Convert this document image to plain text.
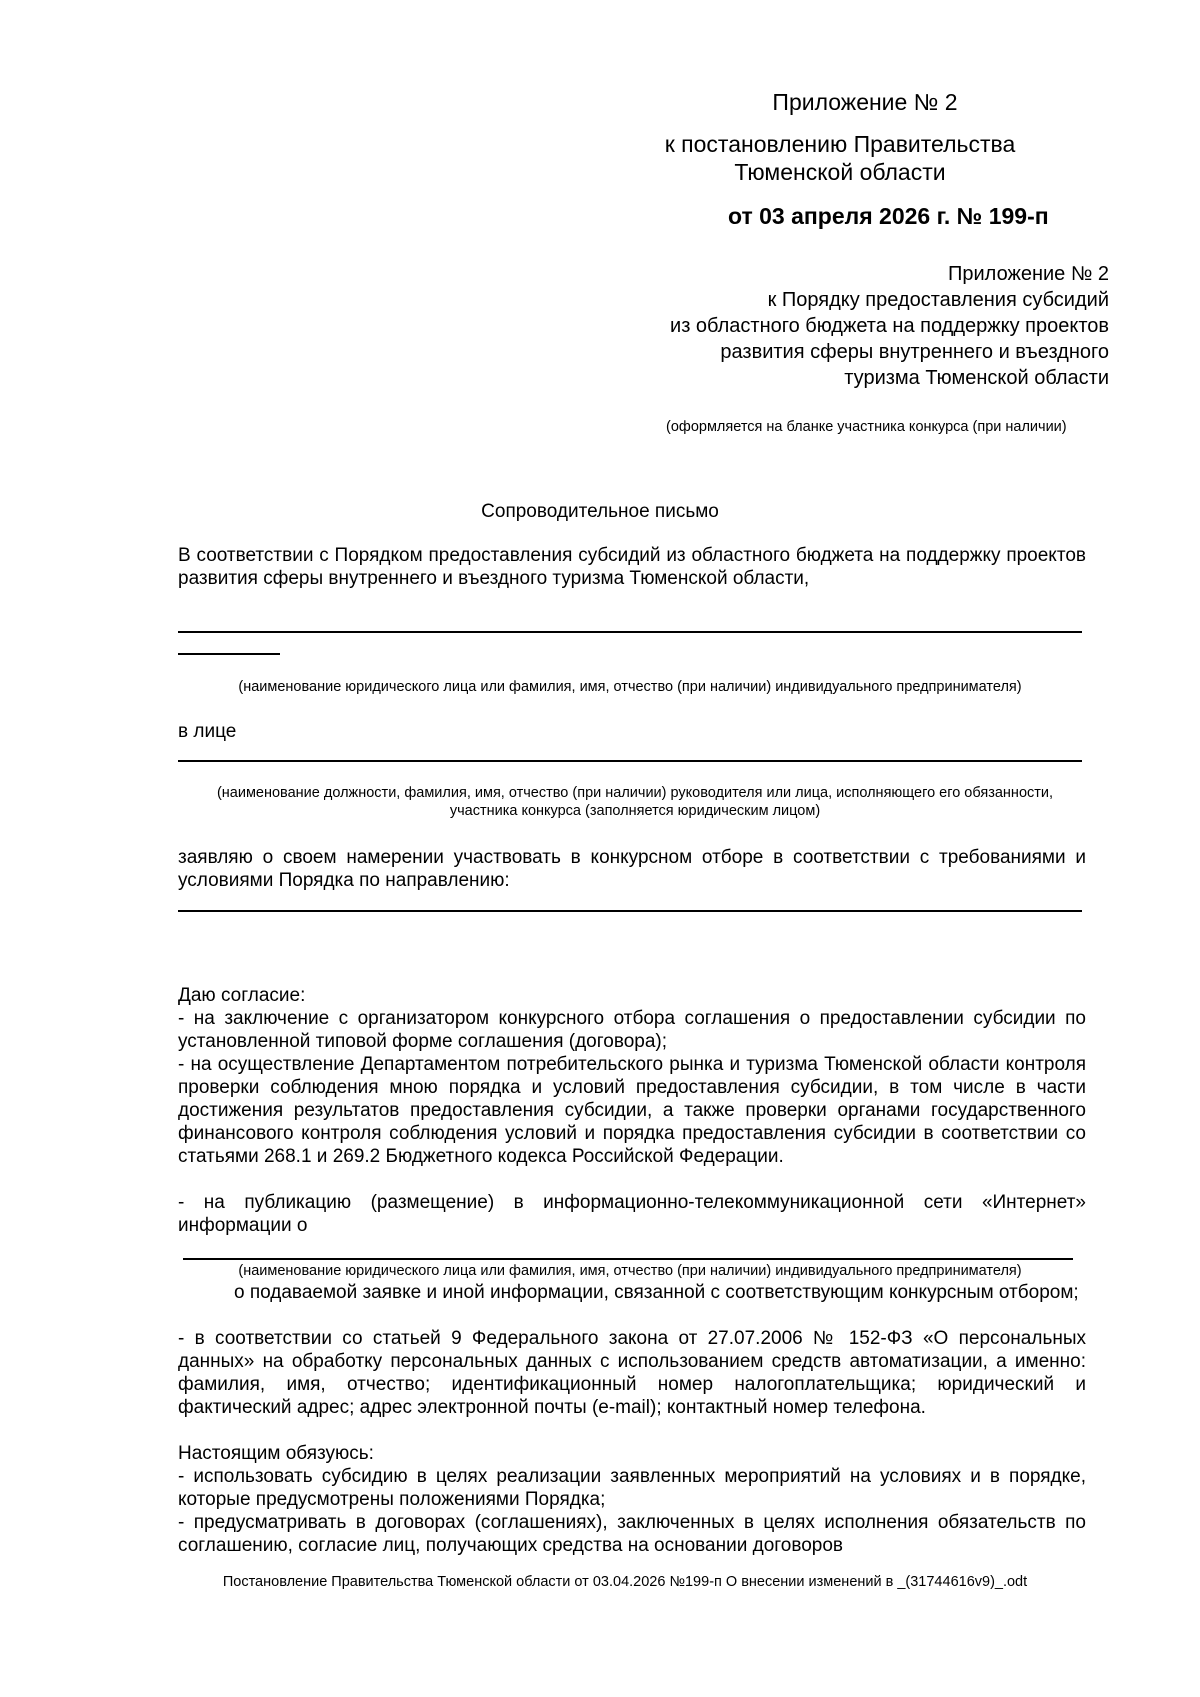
Приложение № 2
к постановлению Правительства
Тюменской области
от 03 апреля 2026 г. № 199-п
Приложение № 2
к Порядку предоставления субсидий
из областного бюджета на поддержку проектов
развития сферы внутреннего и въездного
туризма Тюменской области
(оформляется на бланке участника конкурса (при наличии)
Сопроводительное письмо
В соответствии с Порядком предоставления субсидий из областного бюджета на поддержку проектов развития сферы внутреннего и въездного туризма Тюменской области,
(наименование юридического лица или фамилия, имя, отчество (при наличии) индивидуального предпринимателя)
в лице
(наименование должности, фамилия, имя, отчество (при наличии) руководителя или лица, исполняющего его обязанности, участника конкурса (заполняется юридическим лицом)
заявляю о своем намерении участвовать в конкурсном отборе в соответствии с требованиями и условиями Порядка по направлению:
Даю согласие:
- на заключение с организатором конкурсного отбора соглашения о предоставлении субсидии по установленной типовой форме соглашения (договора);
- на осуществление Департаментом потребительского рынка и туризма Тюменской области контроля проверки соблюдения мною порядка и условий предоставления субсидии, в том числе в части достижения результатов предоставления субсидии, а также проверки органами государственного финансового контроля соблюдения условий и порядка предоставления субсидии в соответствии со статьями 268.1 и 269.2 Бюджетного кодекса Российской Федерации.
- на публикацию (размещение) в информационно-телекоммуникационной сети «Интернет» информации о
(наименование юридического лица или фамилия, имя, отчество (при наличии) индивидуального предпринимателя)
о подаваемой заявке и иной информации, связанной с соответствующим конкурсным отбором;
- в соответствии со статьей 9 Федерального закона от 27.07.2006 № 152-ФЗ «О персональных данных» на обработку персональных данных с использованием средств автоматизации, а именно: фамилия, имя, отчество; идентификационный номер налогоплательщика; юридический и фактический адрес; адрес электронной почты (e-mail); контактный номер телефона.
Настоящим обязуюсь:
- использовать субсидию в целях реализации заявленных мероприятий на условиях и в порядке, которые предусмотрены положениями Порядка;
- предусматривать в договорах (соглашениях), заключенных в целях исполнения обязательств по соглашению, согласие лиц, получающих средства на основании договоров
Постановление Правительства Тюменской области от 03.04.2026 №199-п О внесении изменений в _(31744616v9)_.odt
